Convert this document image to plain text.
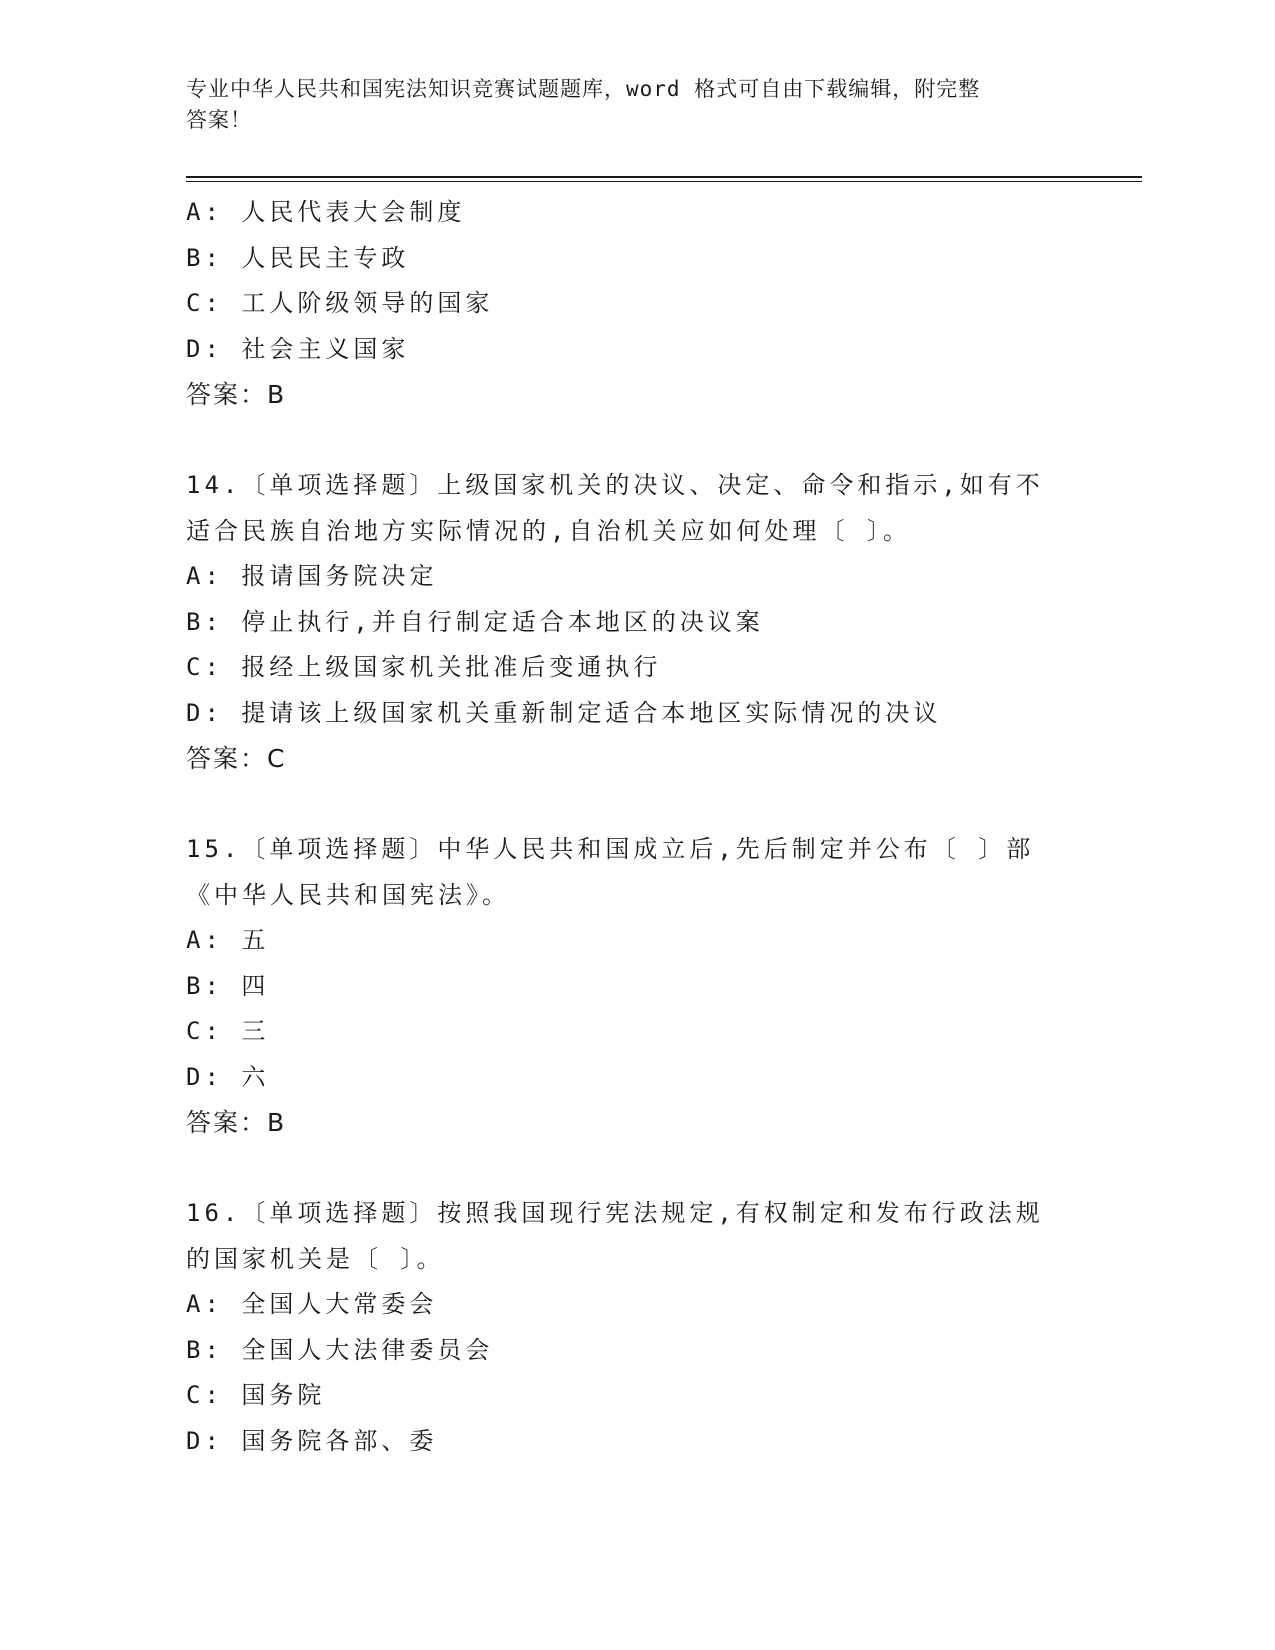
专业中华人民共和国宪法知识竞赛试题题库，word 格式可自由下载编辑，附完整
答案！
A: 人民代表大会制度
B: 人民民主专政
C: 工人阶级领导的国家
D: 社会主义国家
答案：B
14.〔单项选择题〕上级国家机关的决议、决定、命令和指示,如有不
适合民族自治地方实际情况的,自治机关应如何处理〔 〕。
A: 报请国务院决定
B: 停止执行,并自行制定适合本地区的决议案
C: 报经上级国家机关批准后变通执行
D: 提请该上级国家机关重新制定适合本地区实际情况的决议
答案：C
15.〔单项选择题〕中华人民共和国成立后,先后制定并公布〔 〕部
《中华人民共和国宪法》。
A: 五
B: 四
C: 三
D: 六
答案：B
16.〔单项选择题〕按照我国现行宪法规定,有权制定和发布行政法规
的国家机关是〔 〕。
A: 全国人大常委会
B: 全国人大法律委员会
C: 国务院
D: 国务院各部、委
